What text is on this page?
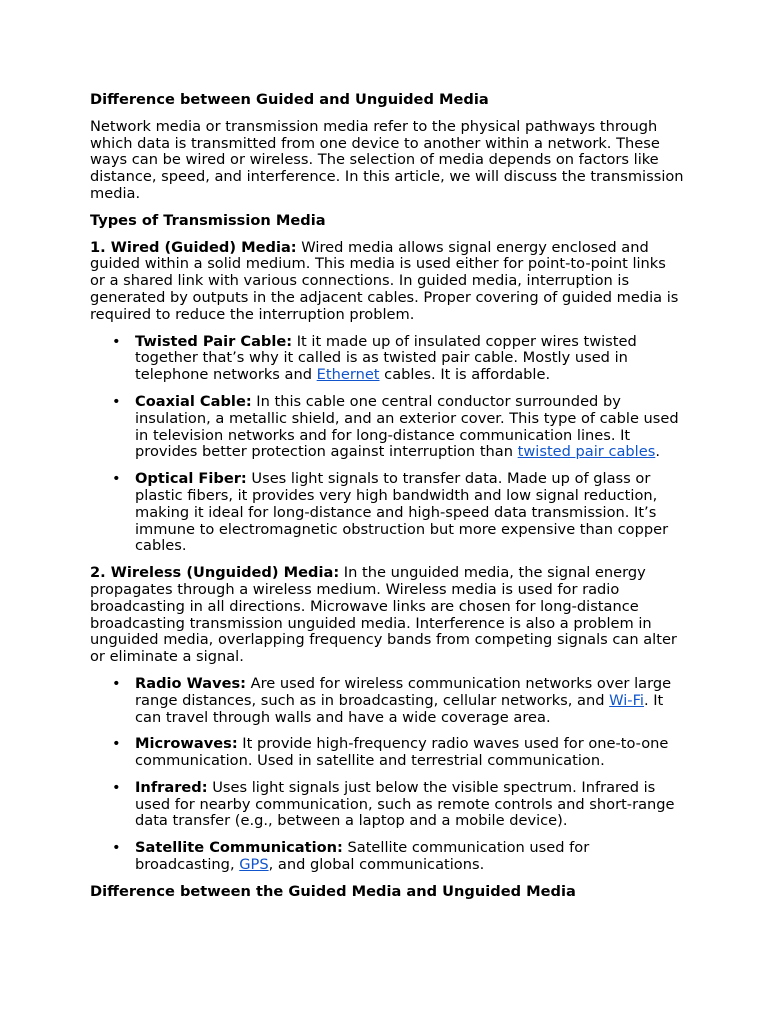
Difference between Guided and Unguided Media

Network media or transmission media refer to the physical pathways through which data is transmitted from one device to another within a network. These ways can be wired or wireless. The selection of media depends on factors like distance, speed, and interference. In this article, we will discuss the transmission media.

Types of Transmission Media

1. Wired (Guided) Media: Wired media allows signal energy enclosed and guided within a solid medium. This media is used either for point-to-point links or a shared link with various connections. In guided media, interruption is generated by outputs in the adjacent cables. Proper covering of guided media is required to reduce the interruption problem.

• Twisted Pair Cable: It it made up of insulated copper wires twisted together that’s why it called is as twisted pair cable. Mostly used in telephone networks and Ethernet cables. It is affordable.
• Coaxial Cable: In this cable one central conductor surrounded by insulation, a metallic shield, and an exterior cover. This type of cable used in television networks and for long-distance communication lines. It provides better protection against interruption than twisted pair cables.
• Optical Fiber: Uses light signals to transfer data. Made up of glass or plastic fibers, it provides very high bandwidth and low signal reduction, making it ideal for long-distance and high-speed data transmission. It’s immune to electromagnetic obstruction but more expensive than copper cables.

2. Wireless (Unguided) Media: In the unguided media, the signal energy propagates through a wireless medium. Wireless media is used for radio broadcasting in all directions. Microwave links are chosen for long-distance broadcasting transmission unguided media. Interference is also a problem in unguided media, overlapping frequency bands from competing signals can alter or eliminate a signal.

• Radio Waves: Are used for wireless communication networks over large range distances, such as in broadcasting, cellular networks, and Wi-Fi. It can travel through walls and have a wide coverage area.
• Microwaves: It provide high-frequency radio waves used for one-to-one communication. Used in satellite and terrestrial communication.
• Infrared: Uses light signals just below the visible spectrum. Infrared is used for nearby communication, such as remote controls and short-range data transfer (e.g., between a laptop and a mobile device).
• Satellite Communication: Satellite communication used for broadcasting, GPS, and global communications.
Difference between the Guided Media and Unguided Media
